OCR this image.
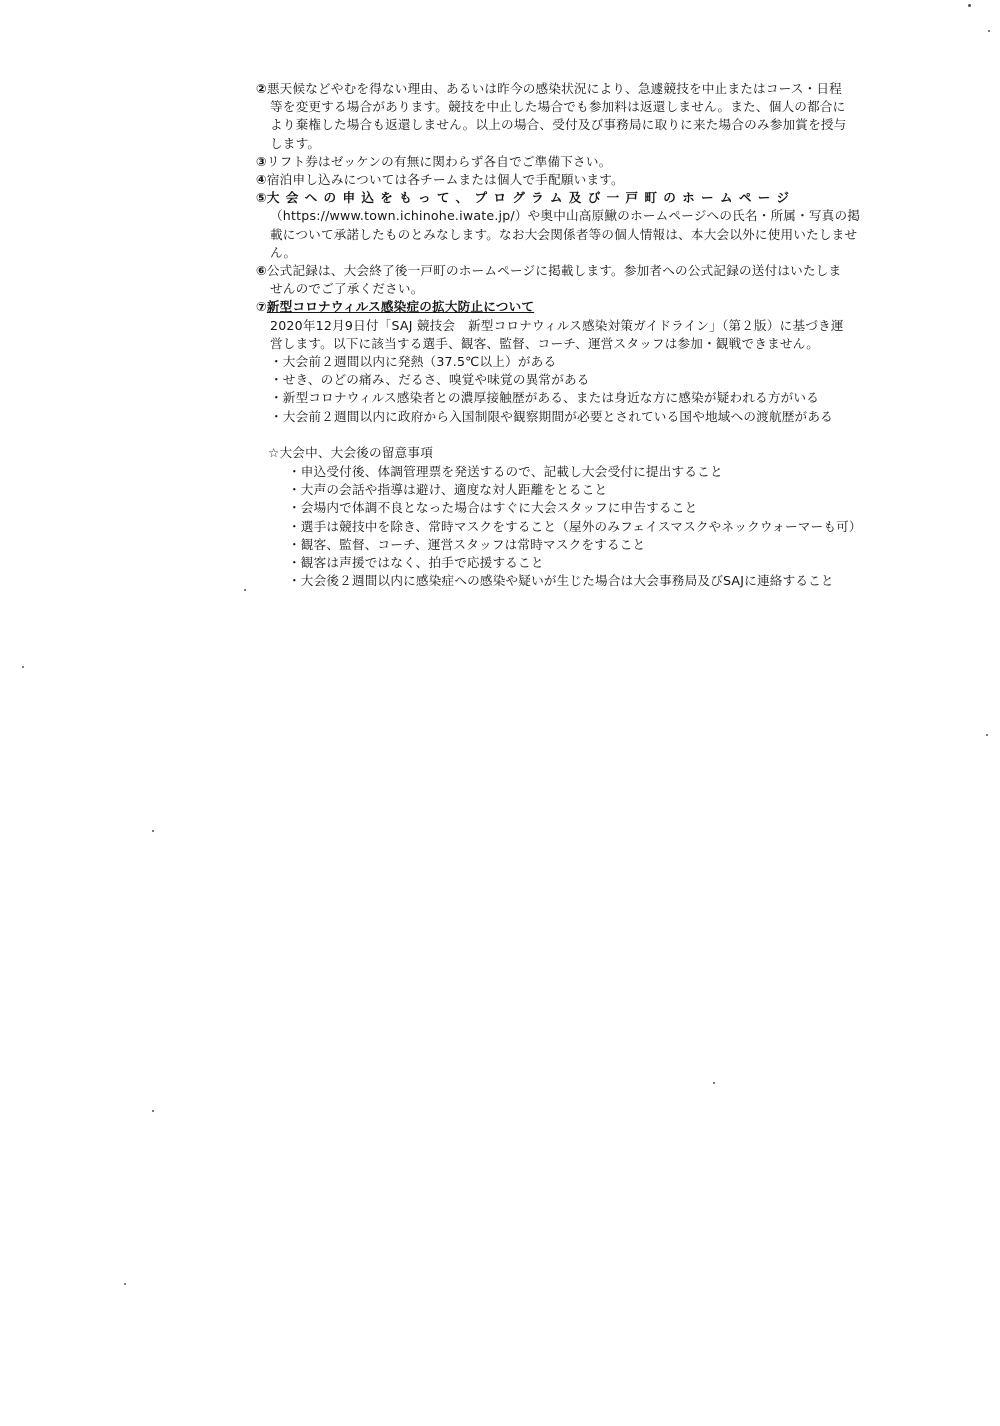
②悪天候などやむを得ない理由、あるいは昨今の感染状況により、急遽競技を中止またはコース・日程
等を変更する場合があります。競技を中止した場合でも参加料は返還しません。また、個人の都合に
より棄権した場合も返還しません。以上の場合、受付及び事務局に取りに来た場合のみ参加賞を授与
します。
③リフト券はゼッケンの有無に関わらず各自でご準備下さい。
④宿泊申し込みについては各チームまたは個人で手配願います。
⑤大会への申込をもって、プログラム及び一戸町のホームページ
（https://www.town.ichinohe.iwate.jp/）や奥中山高原鰍のホームページへの氏名・所属・写真の掲
載について承諾したものとみなします。なお大会関係者等の個人情報は、本大会以外に使用いたしませ
ん。
⑥公式記録は、大会終了後一戸町のホームページに掲載します。参加者への公式記録の送付はいたしま
せんのでご了承ください。
⑦新型コロナウィルス感染症の拡大防止について
2020年12月9日付「SAJ 競技会　新型コロナウィルス感染対策ガイドライン」（第２版）に基づき運
営します。以下に該当する選手、観客、監督、コーチ、運営スタッフは参加・観戦できません。
・大会前２週間以内に発熱（37.5℃以上）がある
・せき、のどの痛み、だるさ、嗅覚や味覚の異常がある
・新型コロナウィルス感染者との濃厚接触歴がある、または身近な方に感染が疑われる方がいる
・大会前２週間以内に政府から入国制限や観察期間が必要とされている国や地域への渡航歴がある
☆大会中、大会後の留意事項
・申込受付後、体調管理票を発送するので、記載し大会受付に提出すること
・大声の会話や指導は避け、適度な対人距離をとること
・会場内で体調不良となった場合はすぐに大会スタッフに申告すること
・選手は競技中を除き、常時マスクをすること（屋外のみフェイスマスクやネックウォーマーも可）
・観客、監督、コーチ、運営スタッフは常時マスクをすること
・観客は声援ではなく、拍手で応援すること
・大会後２週間以内に感染症への感染や疑いが生じた場合は大会事務局及びSAJに連絡すること
